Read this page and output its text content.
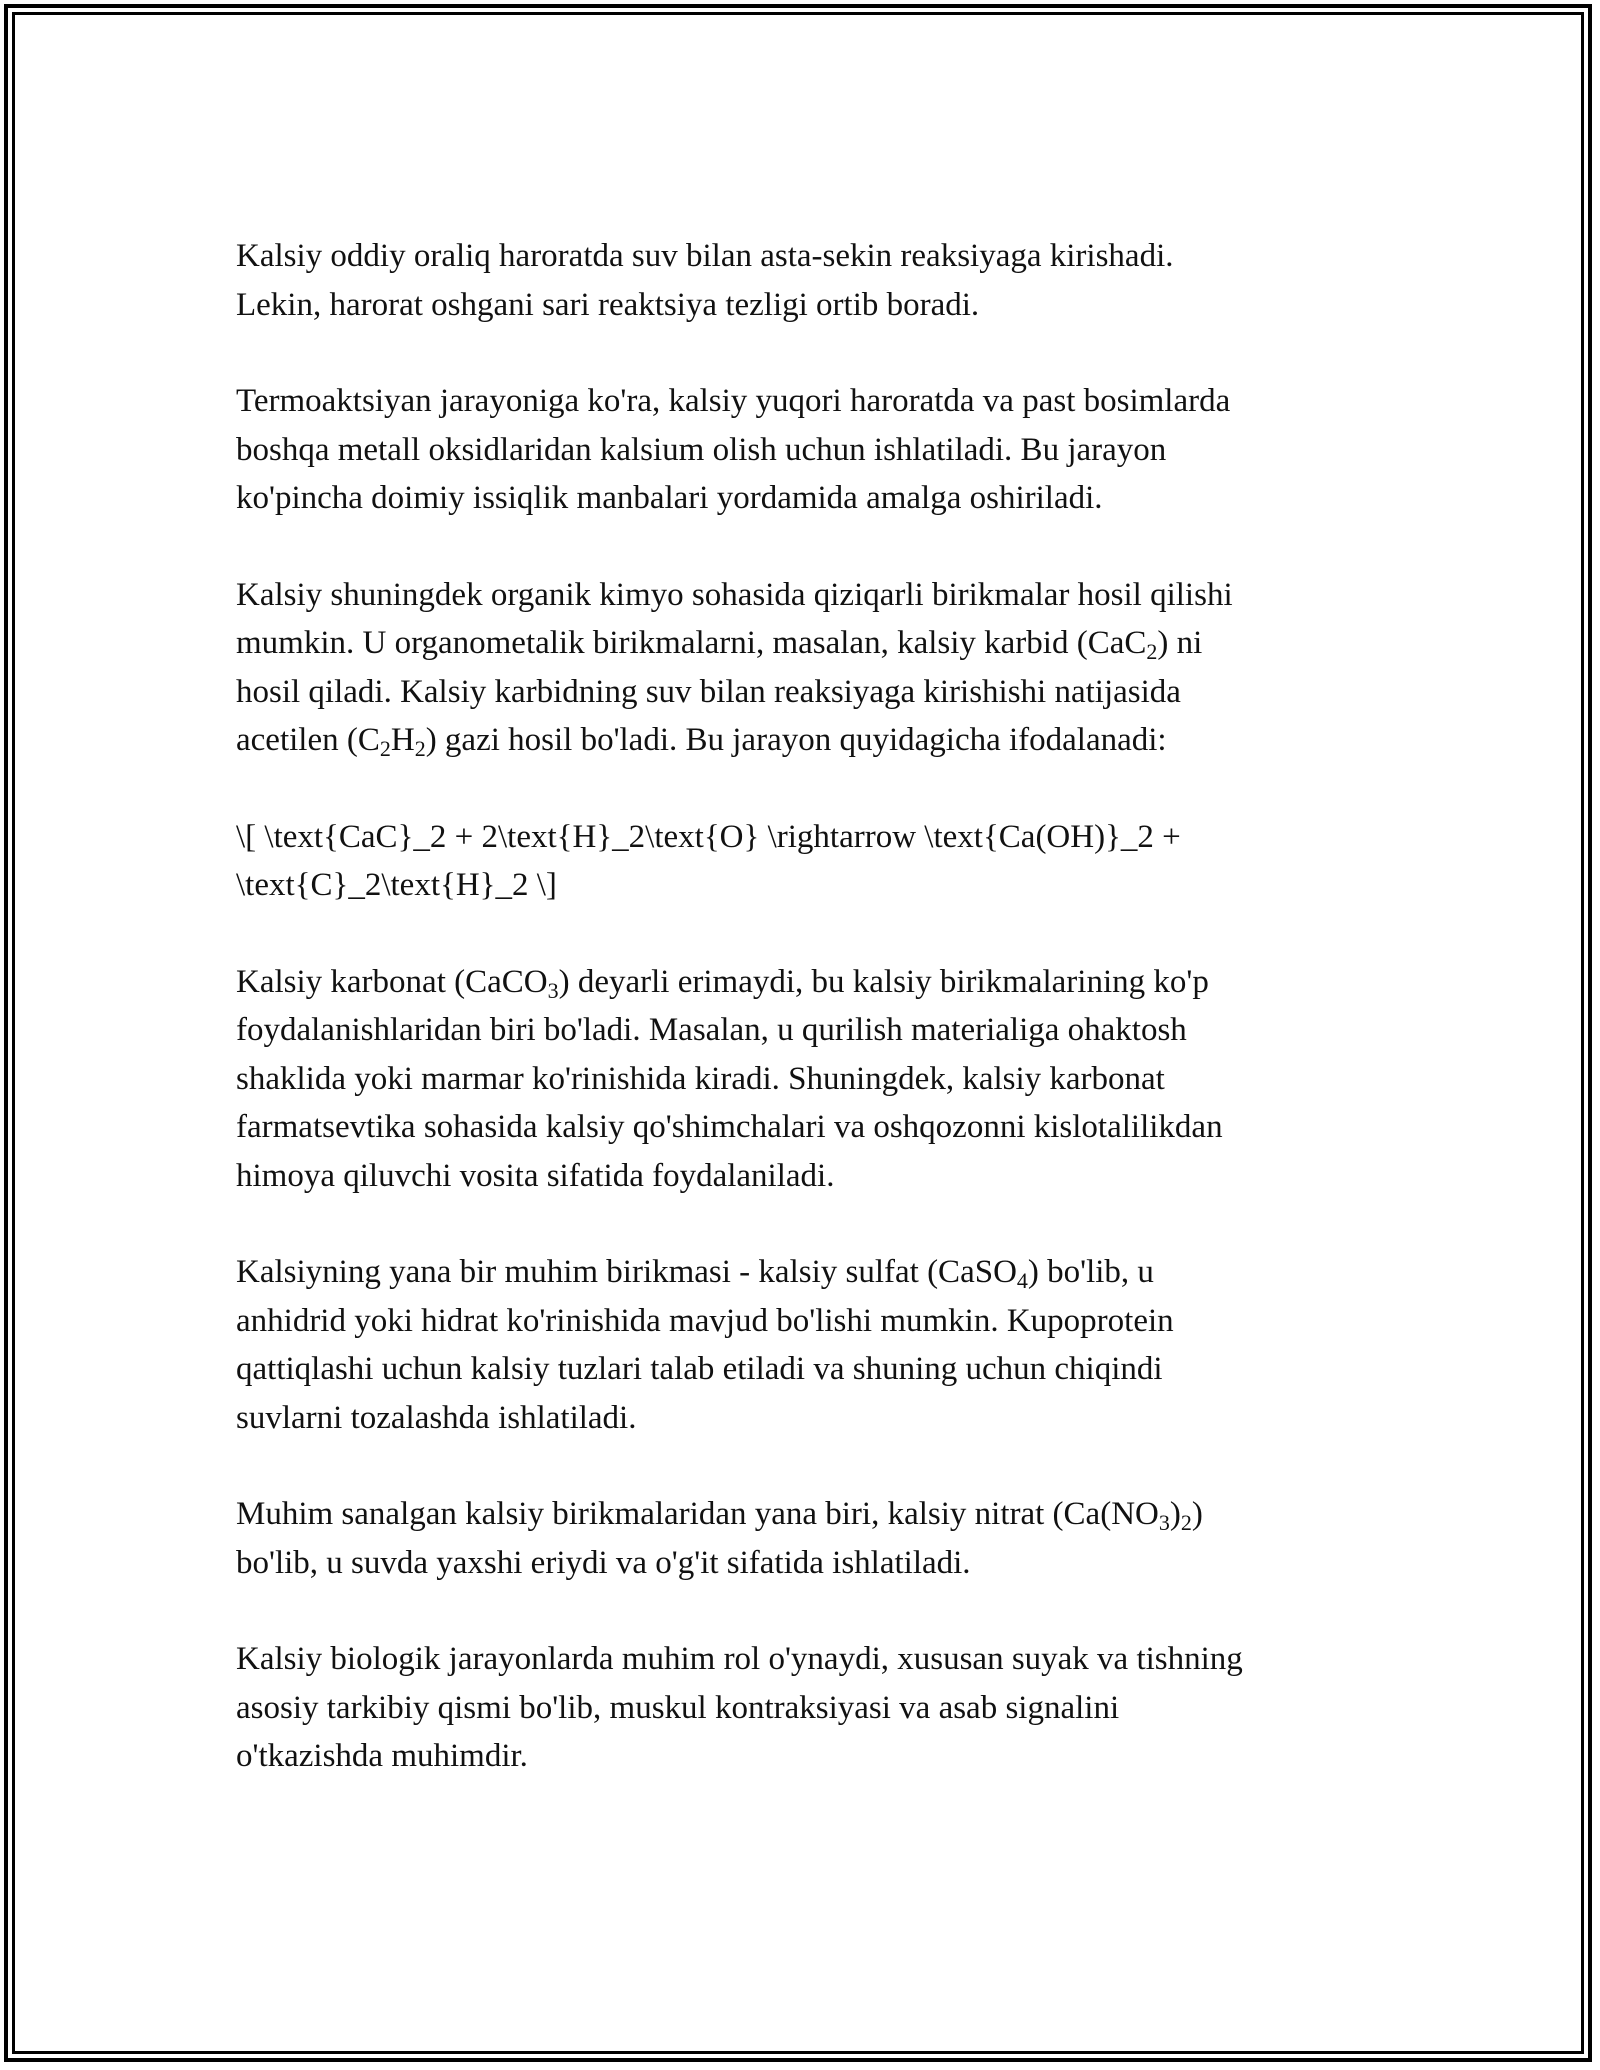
Kalsiy oddiy oraliq haroratda suv bilan asta-sekin reaksiyaga kirishadi.
Lekin, harorat oshgani sari reaktsiya tezligi ortib boradi.

Termoaktsiyan jarayoniga ko'ra, kalsiy yuqori haroratda va past bosimlarda
boshqa metall oksidlaridan kalsium olish uchun ishlatiladi. Bu jarayon
ko'pincha doimiy issiqlik manbalari yordamida amalga oshiriladi.

Kalsiy shuningdek organik kimyo sohasida qiziqarli birikmalar hosil qilishi
mumkin. U organometalik birikmalarni, masalan, kalsiy karbid (CaC$_2$) ni
hosil qiladi. Kalsiy karbidning suv bilan reaksiyaga kirishishi natijasida
acetilen $(C_2H_2)$ gazi hosil bo'ladi. Bu jarayon quyidagicha ifodalanadi:

\[ \text{CaC}_2 + 2\text{H}_2\text{O} \rightarrow \text{Ca(OH)}_2 +
\text{C}_2\text{H}_2 \]

Kalsiy karbonat (CaCO$_3$) deyarli erimaydi, bu kalsiy birikmalarining ko'p
foydalanishlaridan biri bo'ladi. Masalan, u qurilish materialiga ohaktosh
shaklida yoki marmar ko'rinishida kiradi. Shuningdek, kalsiy karbonat
farmatsevtika sohasida kalsiy qo'shimchalari va oshqozonni kislotalilikdan
himoya qiluvchi vosita sifatida foydalaniladi.

Kalsiyning yana bir muhim birikmasi - kalsiy sulfat (CaSO$_4$) bo'lib, u
anhidrid yoki hidrat ko'rinishida mavjud bo'lishi mumkin. Kupoprotein
qattiqlashi uchun kalsiy tuzlari talab etiladi va shuning uchun chiqindi
suvlarni tozalashda ishlatiladi.

Muhim sanalgan kalsiy birikmalaridan yana biri, kalsiy nitrat $(Ca(NO_3)_2)$
bo'lib, u suvda yaxshi eriydi va o'g'it sifatida ishlatiladi.

Kalsiy biologik jarayonlarda muhim rol o'ynaydi, xususan suyak va tishning
asosiy tarkibiy qismi bo'lib, muskul kontraksiyasi va asab signalini
o'tkazishda muhimdir.
